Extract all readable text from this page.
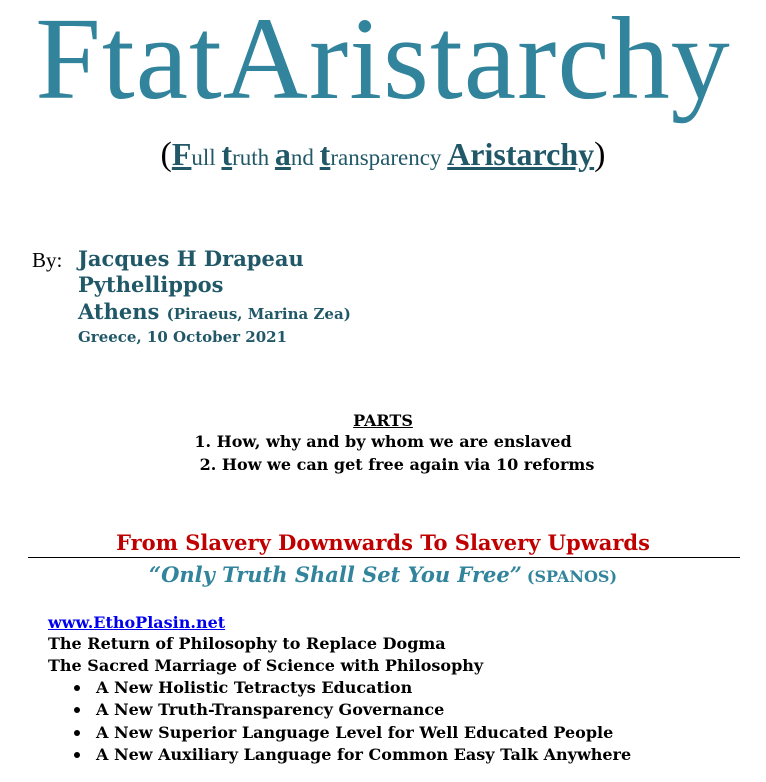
FtatAristarchy
(Full truth and transparency Aristarchy)
By: Jacques H Drapeau
Pythellippos
Athens (Piraeus, Marina Zea)
Greece, 10 October 2021
PARTS
1. How, why and by whom we are enslaved
2. How we can get free again via 10 reforms
From Slavery Downwards To Slavery Upwards
“Only Truth Shall Set You Free” (SPANOS)
www.EthoPlasin.net
The Return of Philosophy to Replace Dogma
The Sacred Marriage of Science with Philosophy
A New Holistic Tetractys Education
A New Truth-Transparency Governance
A New Superior Language Level for Well Educated People
A New Auxiliary Language for Common Easy Talk Anywhere
